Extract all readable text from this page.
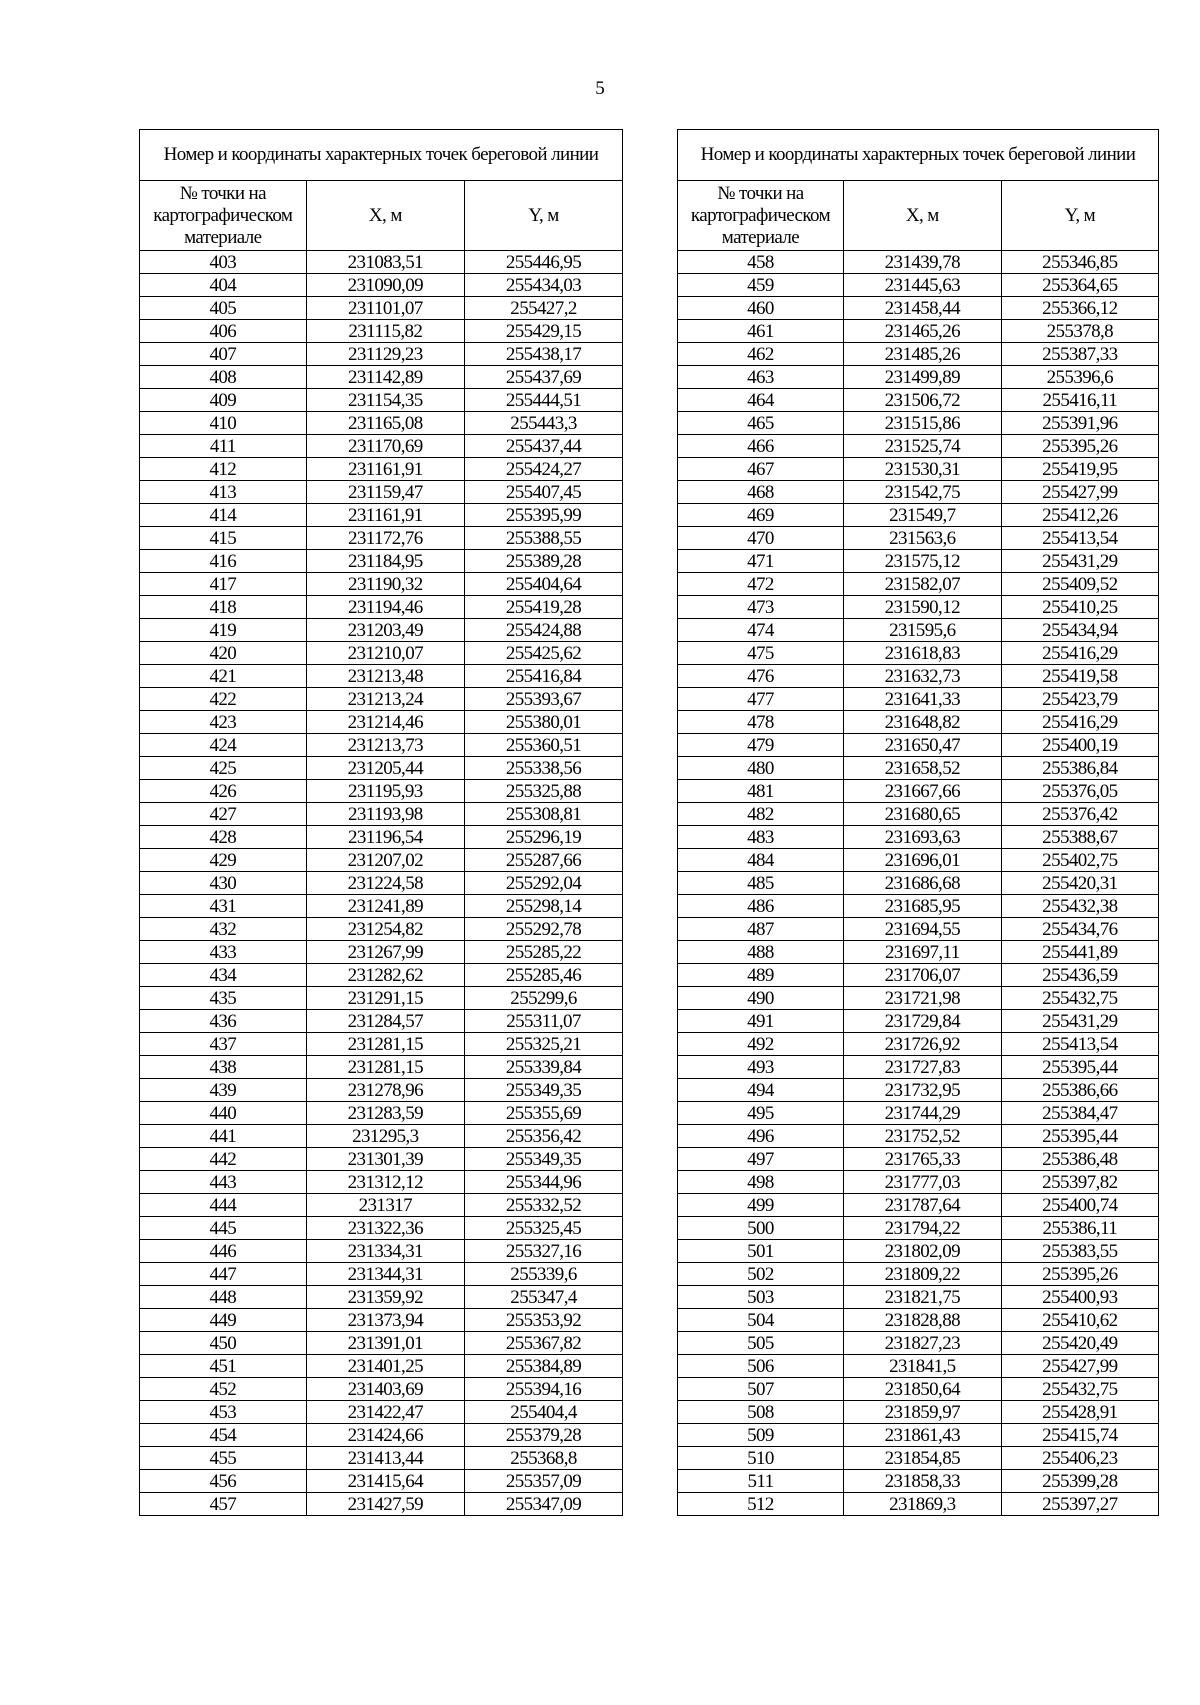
5
Номер и координаты характерных точек береговой линии		
№ точки на картографическом материале	X, м	Y, м
403	231083,51	255446,95
404	231090,09	255434,03
405	231101,07	255427,2
406	231115,82	255429,15
407	231129,23	255438,17
408	231142,89	255437,69
409	231154,35	255444,51
410	231165,08	255443,3
411	231170,69	255437,44
412	231161,91	255424,27
413	231159,47	255407,45
414	231161,91	255395,99
415	231172,76	255388,55
416	231184,95	255389,28
417	231190,32	255404,64
418	231194,46	255419,28
419	231203,49	255424,88
420	231210,07	255425,62
421	231213,48	255416,84
422	231213,24	255393,67
423	231214,46	255380,01
424	231213,73	255360,51
425	231205,44	255338,56
426	231195,93	255325,88
427	231193,98	255308,81
428	231196,54	255296,19
429	231207,02	255287,66
430	231224,58	255292,04
431	231241,89	255298,14
432	231254,82	255292,78
433	231267,99	255285,22
434	231282,62	255285,46
435	231291,15	255299,6
436	231284,57	255311,07
437	231281,15	255325,21
438	231281,15	255339,84
439	231278,96	255349,35
440	231283,59	255355,69
441	231295,3	255356,42
442	231301,39	255349,35
443	231312,12	255344,96
444	231317	255332,52
445	231322,36	255325,45
446	231334,31	255327,16
447	231344,31	255339,6
448	231359,92	255347,4
449	231373,94	255353,92
450	231391,01	255367,82
451	231401,25	255384,89
452	231403,69	255394,16
453	231422,47	255404,4
454	231424,66	255379,28
455	231413,44	255368,8
456	231415,64	255357,09
457	231427,59	255347,09
Номер и координаты характерных точек береговой линии		
№ точки на картографическом материале	X, м	Y, м
458	231439,78	255346,85
459	231445,63	255364,65
460	231458,44	255366,12
461	231465,26	255378,8
462	231485,26	255387,33
463	231499,89	255396,6
464	231506,72	255416,11
465	231515,86	255391,96
466	231525,74	255395,26
467	231530,31	255419,95
468	231542,75	255427,99
469	231549,7	255412,26
470	231563,6	255413,54
471	231575,12	255431,29
472	231582,07	255409,52
473	231590,12	255410,25
474	231595,6	255434,94
475	231618,83	255416,29
476	231632,73	255419,58
477	231641,33	255423,79
478	231648,82	255416,29
479	231650,47	255400,19
480	231658,52	255386,84
481	231667,66	255376,05
482	231680,65	255376,42
483	231693,63	255388,67
484	231696,01	255402,75
485	231686,68	255420,31
486	231685,95	255432,38
487	231694,55	255434,76
488	231697,11	255441,89
489	231706,07	255436,59
490	231721,98	255432,75
491	231729,84	255431,29
492	231726,92	255413,54
493	231727,83	255395,44
494	231732,95	255386,66
495	231744,29	255384,47
496	231752,52	255395,44
497	231765,33	255386,48
498	231777,03	255397,82
499	231787,64	255400,74
500	231794,22	255386,11
501	231802,09	255383,55
502	231809,22	255395,26
503	231821,75	255400,93
504	231828,88	255410,62
505	231827,23	255420,49
506	231841,5	255427,99
507	231850,64	255432,75
508	231859,97	255428,91
509	231861,43	255415,74
510	231854,85	255406,23
511	231858,33	255399,28
512	231869,3	255397,27
